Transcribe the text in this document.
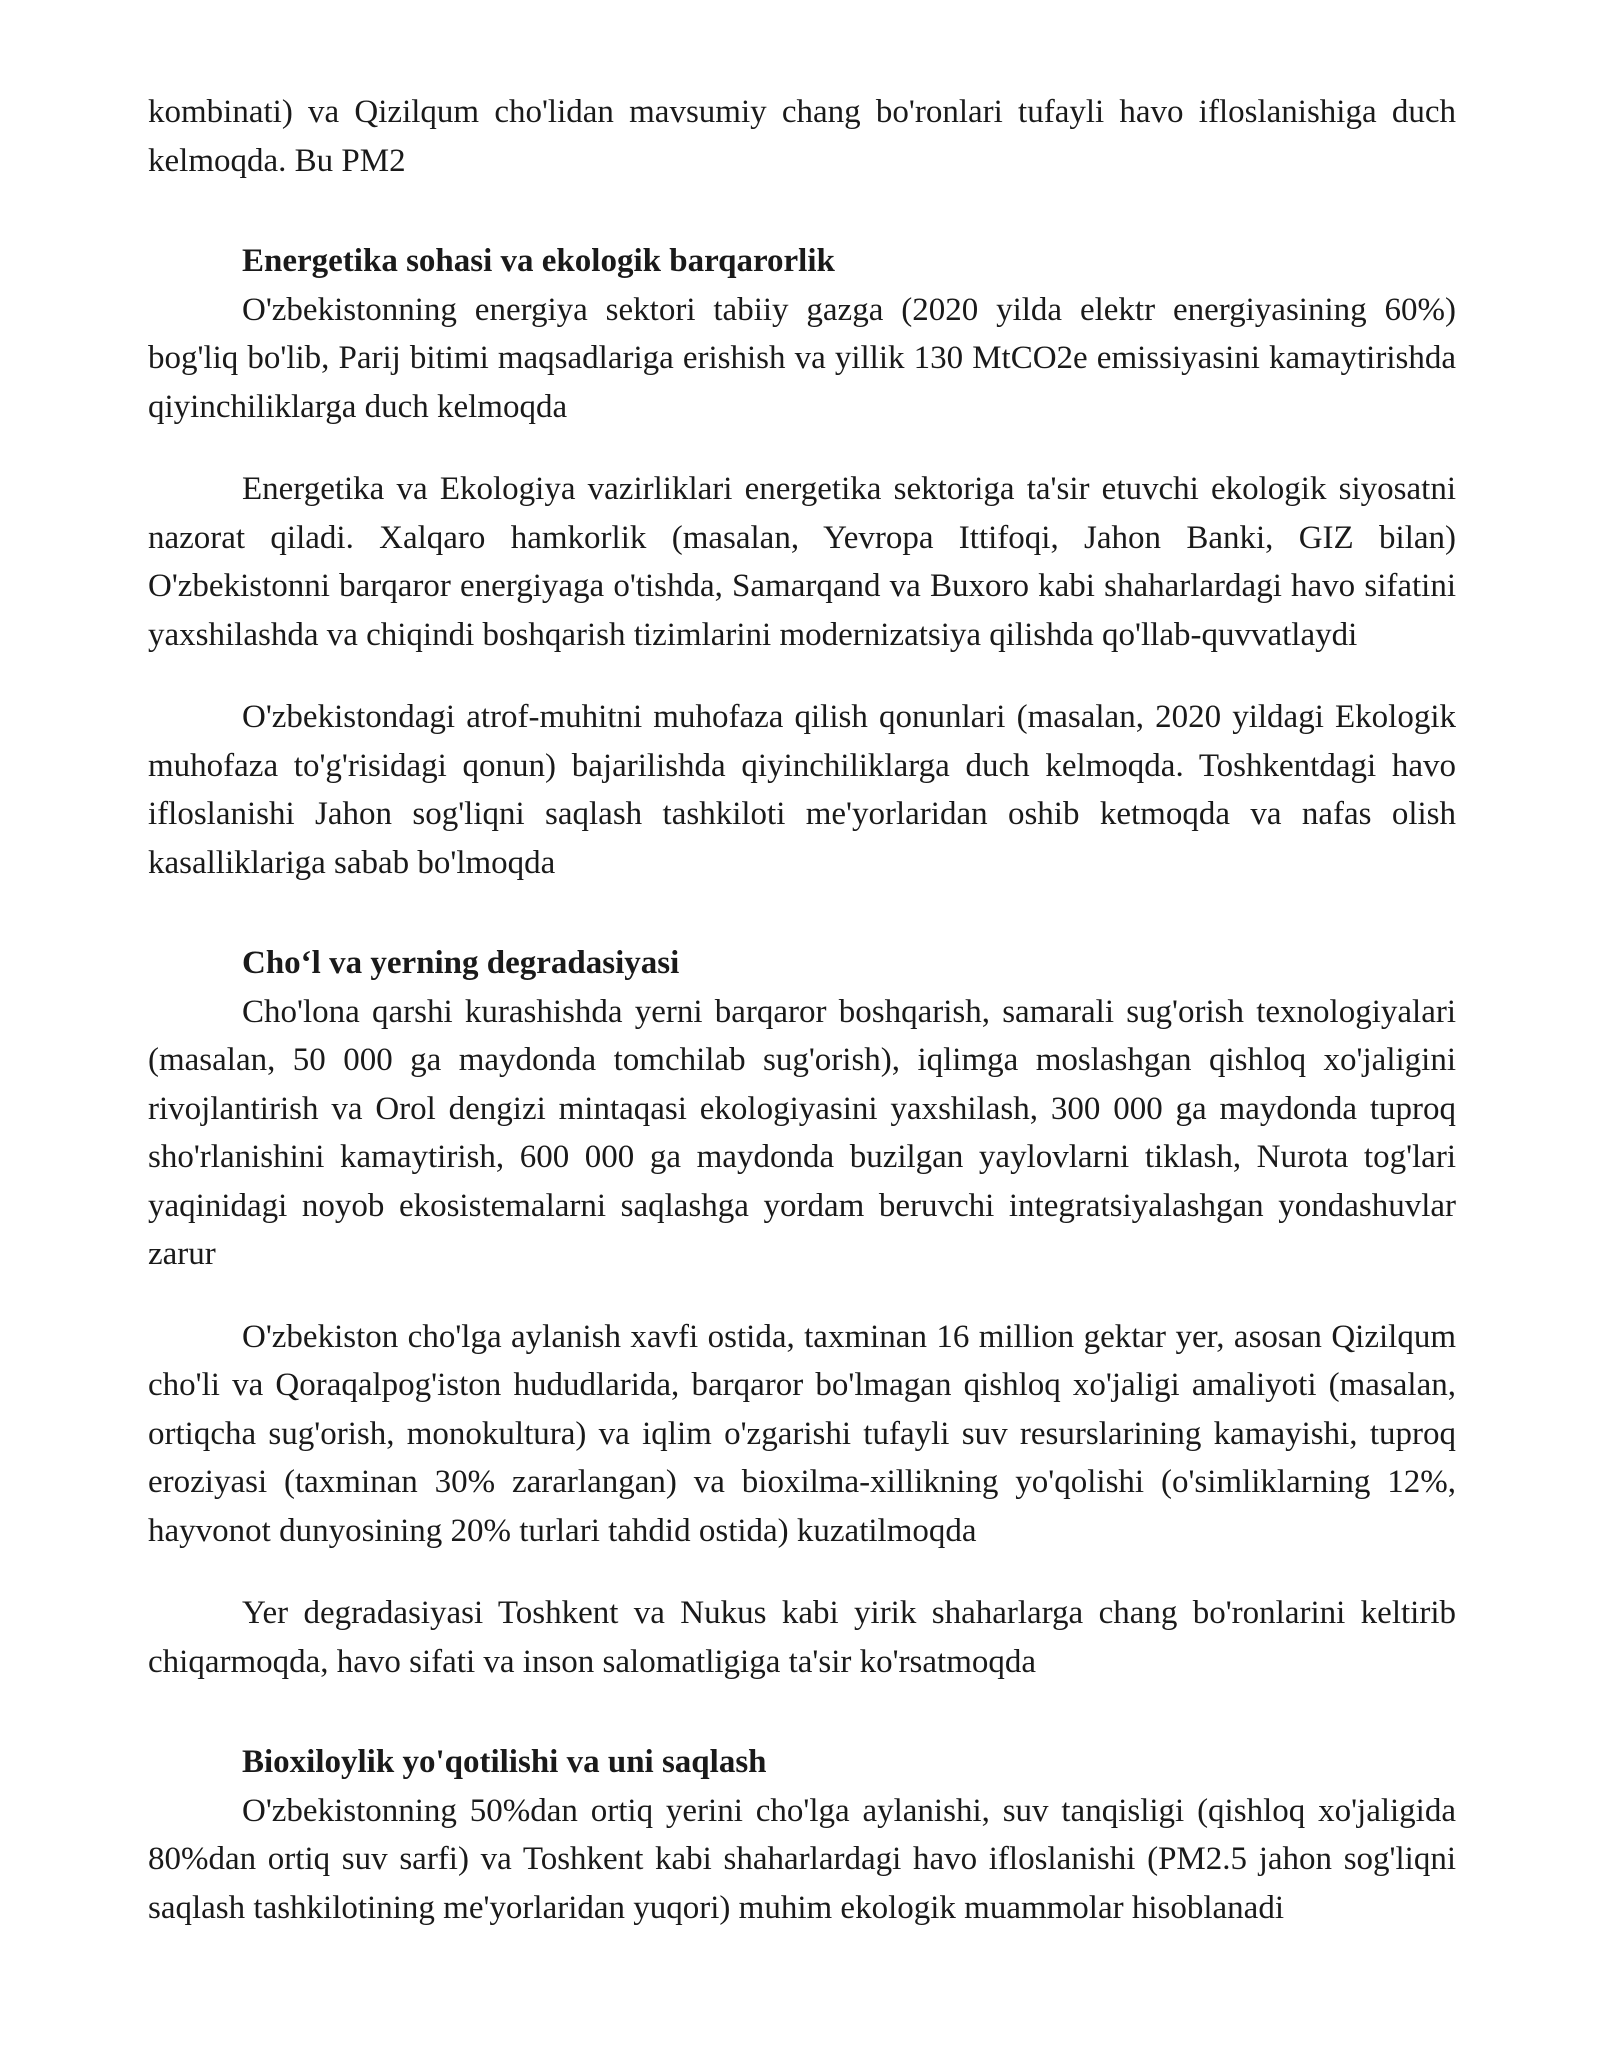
kombinati) va Qizilqum cho'lidan mavsumiy chang bo'ronlari tufayli havo ifloslanishiga duch kelmoqda. Bu PM2

Energetika sohasi va ekologik barqarorlik

O'zbekistonning energiya sektori tabiiy gazga (2020 yilda elektr energiyasining 60%) bog'liq bo'lib, Parij bitimi maqsadlariga erishish va yillik 130 MtCO2e emissiyasini kamaytirishda qiyinchiliklarga duch kelmoqda

Energetika va Ekologiya vazirliklari energetika sektoriga ta'sir etuvchi ekologik siyosatni nazorat qiladi. Xalqaro hamkorlik (masalan, Yevropa Ittifoqi, Jahon Banki, GIZ bilan) O'zbekistonni barqaror energiyaga o'tishda, Samarqand va Buxoro kabi shaharlardagi havo sifatini yaxshilashda va chiqindi boshqarish tizimlarini modernizatsiya qilishda qo'llab-quvvatlaydi

O'zbekistondagi atrof-muhitni muhofaza qilish qonunlari (masalan, 2020 yildagi Ekologik muhofaza to'g'risidagi qonun) bajarilishda qiyinchiliklarga duch kelmoqda. Toshkentdagi havo ifloslanishi Jahon sog'liqni saqlash tashkiloti me'yorlaridan oshib ketmoqda va nafas olish kasalliklariga sabab bo'lmoqda

Cho‘l va yerning degradasiyasi

Cho'lona qarshi kurashishda yerni barqaror boshqarish, samarali sug'orish texnologiyalari (masalan, 50 000 ga maydonda tomchilab sug'orish), iqlimga moslashgan qishloq xo'jaligini rivojlantirish va Orol dengizi mintaqasi ekologiyasini yaxshilash, 300 000 ga maydonda tuproq sho'rlanishini kamaytirish, 600 000 ga maydonda buzilgan yaylovlarni tiklash, Nurota tog'lari yaqinidagi noyob ekosistemalarni saqlashga yordam beruvchi integratsiyalashgan yondashuvlar zarur

O'zbekiston cho'lga aylanish xavfi ostida, taxminan 16 million gektar yer, asosan Qizilqum cho'li va Qoraqalpog'iston hududlarida, barqaror bo'lmagan qishloq xo'jaligi amaliyoti (masalan, ortiqcha sug'orish, monokultura) va iqlim o'zgarishi tufayli suv resurslarining kamayishi, tuproq eroziyasi (taxminan 30% zararlangan) va bioxilma-xillikning yo'qolishi (o'simliklarning 12%, hayvonot dunyosining 20% turlari tahdid ostida) kuzatilmoqda

Yer degradasiyasi Toshkent va Nukus kabi yirik shaharlarga chang bo'ronlarini keltirib chiqarmoqda, havo sifati va inson salomatligiga ta'sir ko'rsatmoqda

Bioxiloylik yo'qotilishi va uni saqlash

O'zbekistonning 50%dan ortiq yerini cho'lga aylanishi, suv tanqisligi (qishloq xo'jaligida 80%dan ortiq suv sarfi) va Toshkent kabi shaharlardagi havo ifloslanishi (PM2.5 jahon sog'liqni saqlash tashkilotining me'yorlaridan yuqori) muhim ekologik muammolar hisoblanadi
